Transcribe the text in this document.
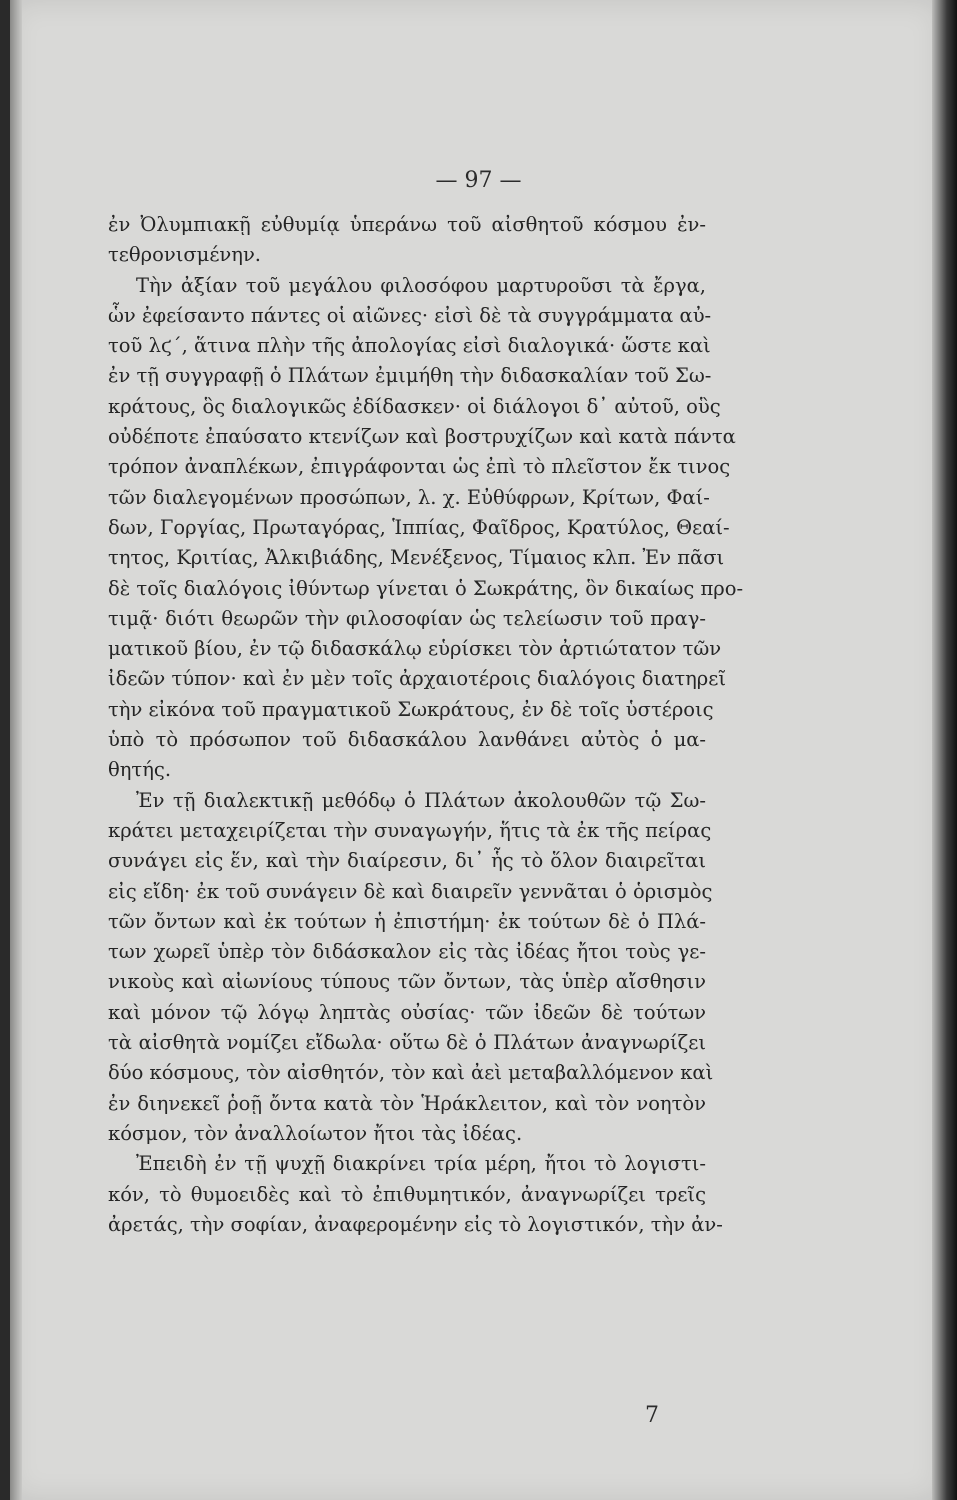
— 97 —
ἐν Ὀλυμπιακῇ εὐθυμίᾳ ὑπεράνω τοῦ αἰσθητοῦ κόσμου ἐν-
τεθρονισμένην.
Τὴν ἀξίαν τοῦ μεγάλου φιλοσόφου μαρτυροῦσι τὰ ἔργα,
ὧν ἐφείσαντο πάντες οἱ αἰῶνες· εἰσὶ δὲ τὰ συγγράμματα αὐ-
τοῦ λϛ΄, ἅτινα πλὴν τῆς ἀπολογίας εἰσὶ διαλογικά· ὥστε καὶ
ἐν τῇ συγγραφῇ ὁ Πλάτων ἐμιμήθη τὴν διδασκαλίαν τοῦ Σω-
κράτους, ὃς διαλογικῶς ἐδίδασκεν· οἱ διάλογοι δ᾽ αὐτοῦ, οὓς
οὐδέποτε ἐπαύσατο κτενίζων καὶ βοστρυχίζων καὶ κατὰ πάντα
τρόπον ἀναπλέκων, ἐπιγράφονται ὡς ἐπὶ τὸ πλεῖστον ἔκ τινος
τῶν διαλεγομένων προσώπων, λ. χ. Εὐθύφρων, Κρίτων, Φαί-
δων, Γοργίας, Πρωταγόρας, Ἱππίας, Φαῖδρος, Κρατύλος, Θεαί-
τητος, Κριτίας, Ἀλκιβιάδης, Μενέξενος, Τίμαιος κλπ. Ἐν πᾶσι
δὲ τοῖς διαλόγοις ἰθύντωρ γίνεται ὁ Σωκράτης, ὃν δικαίως προ-
τιμᾷ· διότι θεωρῶν τὴν φιλοσοφίαν ὡς τελείωσιν τοῦ πραγ-
ματικοῦ βίου, ἐν τῷ διδασκάλῳ εὑρίσκει τὸν ἀρτιώτατον τῶν
ἰδεῶν τύπον· καὶ ἐν μὲν τοῖς ἀρχαιοτέροις διαλόγοις διατηρεῖ
τὴν εἰκόνα τοῦ πραγματικοῦ Σωκράτους, ἐν δὲ τοῖς ὑστέροις
ὑπὸ τὸ πρόσωπον τοῦ διδασκάλου λανθάνει αὐτὸς ὁ μα-
θητής.
Ἐν τῇ διαλεκτικῇ μεθόδῳ ὁ Πλάτων ἀκολουθῶν τῷ Σω-
κράτει μεταχειρίζεται τὴν συναγωγήν, ἥτις τὰ ἐκ τῆς πείρας
συνάγει εἰς ἕν, καὶ τὴν διαίρεσιν, δι᾽ ἧς τὸ ὅλον διαιρεῖται
εἰς εἴδη· ἐκ τοῦ συνάγειν δὲ καὶ διαιρεῖν γεννᾶται ὁ ὁρισμὸς
τῶν ὄντων καὶ ἐκ τούτων ἡ ἐπιστήμη· ἐκ τούτων δὲ ὁ Πλά-
των χωρεῖ ὑπὲρ τὸν διδάσκαλον εἰς τὰς ἰδέας ἤτοι τοὺς γε-
νικοὺς καὶ αἰωνίους τύπους τῶν ὄντων, τὰς ὑπὲρ αἴσθησιν
καὶ μόνον τῷ λόγῳ ληπτὰς οὐσίας· τῶν ἰδεῶν δὲ τούτων
τὰ αἰσθητὰ νομίζει εἴδωλα· οὕτω δὲ ὁ Πλάτων ἀναγνωρίζει
δύο κόσμους, τὸν αἰσθητόν, τὸν καὶ ἀεὶ μεταβαλλόμενον καὶ
ἐν διηνεκεῖ ῥοῇ ὄντα κατὰ τὸν Ἡράκλειτον, καὶ τὸν νοητὸν
κόσμον, τὸν ἀναλλοίωτον ἤτοι τὰς ἰδέας.
Ἐπειδὴ ἐν τῇ ψυχῇ διακρίνει τρία μέρη, ἤτοι τὸ λογιστι-
κόν, τὸ θυμοειδὲς καὶ τὸ ἐπιθυμητικόν, ἀναγνωρίζει τρεῖς
ἀρετάς, τὴν σοφίαν, ἀναφερομένην εἰς τὸ λογιστικόν, τὴν ἀν-
7
